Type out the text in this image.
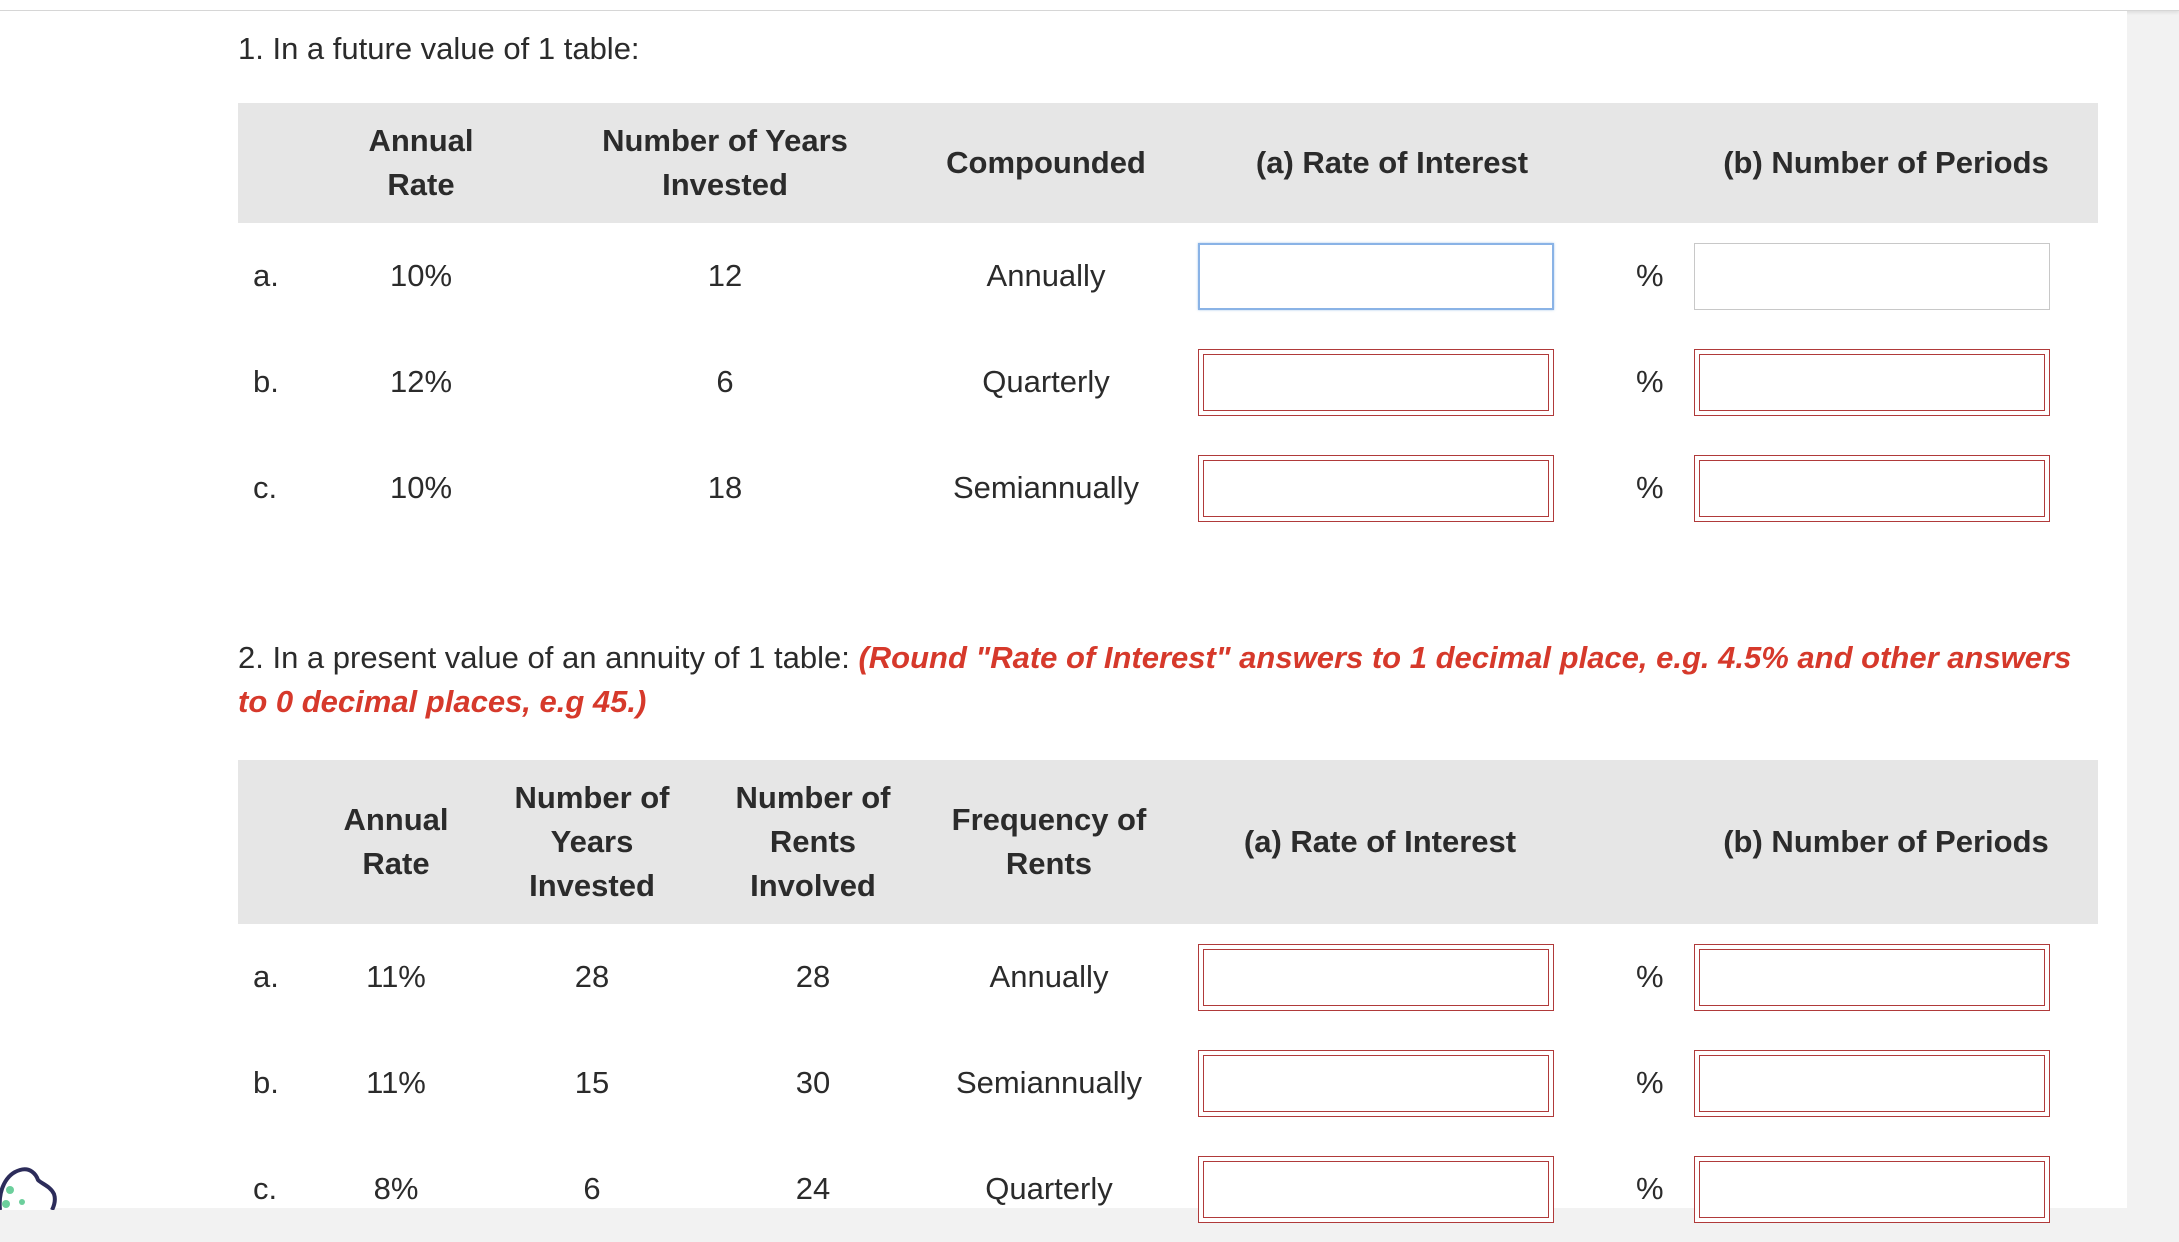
1. In a future value of 1 table:

	Annual Rate	Number of Years Invested	Compounded	(a) Rate of Interest		(b) Number of Periods
a.	10%	12	Annually		%	

b.	12%	6	Quarterly		%	

c.	10%	18	Semiannually		%	
2. In a present value of an annuity of 1 table: (Round "Rate of Interest" answers to 1 decimal place, e.g. 4.5% and other answers to 0 decimal places, e.g 45.)

	Annual Rate	Number of Years Invested	Number of Rents Involved	Frequency of Rents	(a) Rate of Interest		(b) Number of Periods
a.	11%	28	28	Annually		%	

b.	11%	15	30	Semiannually		%	

c.	8%	6	24	Quarterly		%	
